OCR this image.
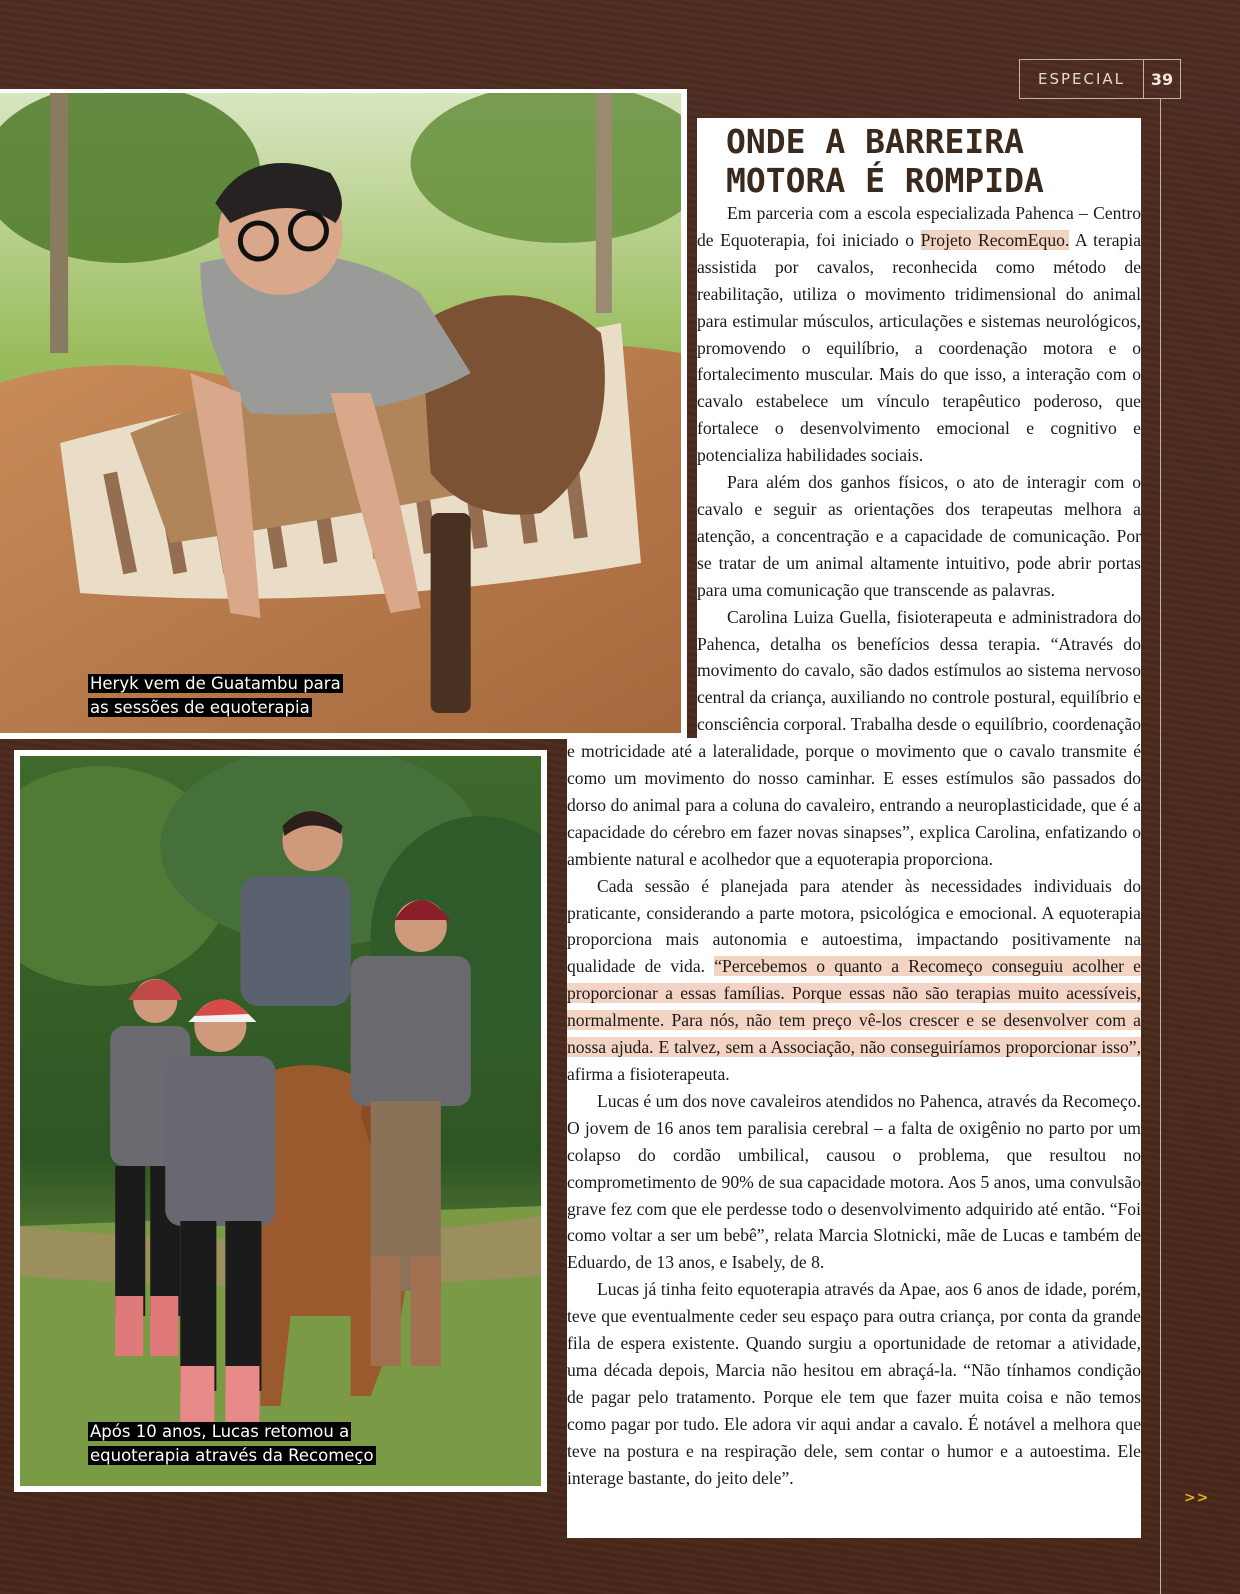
ESPECIAL	39
Heryk vem de Guatambu para
as sessões de equoterapia
Após 10 anos, Lucas retomou a
equoterapia através da Recomeço
ONDE A BARREIRA MOTORA É ROMPIDA

Em parceria com a escola especializada Pahenca – Centro de Equoterapia, foi iniciado o Projeto RecomEquo. A terapia assistida por cavalos, reconhecida como método de reabilitação, utiliza o movimento tridimensional do animal para estimular músculos, articulações e sistemas neurológicos, promovendo o equilíbrio, a coordenação motora e o fortalecimento muscular. Mais do que isso, a interação com o cavalo estabelece um vínculo terapêutico poderoso, que fortalece o desenvolvimento emocional e cognitivo e potencializa habilidades sociais.

Para além dos ganhos físicos, o ato de interagir com o cavalo e seguir as orientações dos terapeutas melhora a atenção, a concentração e a capacidade de comunicação. Por se tratar de um animal altamente intuitivo, pode abrir portas para uma comunicação que transcende as palavras.

Carolina Luiza Guella, fisioterapeuta e administradora do Pahenca, detalha os benefícios dessa terapia. “Através do movimento do cavalo, são dados estímulos ao sistema nervoso central da criança, auxiliando no controle postural, equilíbrio e consciência corporal. Trabalha desde o equilíbrio, coordenação e motricidade até a lateralidade, porque o movimento que o cavalo transmite é como um movimento do nosso caminhar. E esses estímulos são passados do dorso do animal para a coluna do cavaleiro, entrando a neuroplasticidade, que é a capacidade do cérebro em fazer novas sinapses”, explica Carolina, enfatizando o ambiente natural e acolhedor que a equoterapia proporciona.

Cada sessão é planejada para atender às necessidades individuais do praticante, considerando a parte motora, psicológica e emocional. A equoterapia proporciona mais autonomia e autoestima, impactando positivamente na qualidade de vida. “Percebemos o quanto a Recomeço conseguiu acolher e proporcionar a essas famílias. Porque essas não são terapias muito acessíveis, normalmente. Para nós, não tem preço vê-los crescer e se desenvolver com a nossa ajuda. E talvez, sem a Associação, não conseguiríamos proporcionar isso”, afirma a fisioterapeuta.

Lucas é um dos nove cavaleiros atendidos no Pahenca, através da Recomeço. O jovem de 16 anos tem paralisia cerebral – a falta de oxigênio no parto por um colapso do cordão umbilical, causou o problema, que resultou no comprometimento de 90% de sua capacidade motora. Aos 5 anos, uma convulsão grave fez com que ele perdesse todo o desenvolvimento adquirido até então. “Foi como voltar a ser um bebê”, relata Marcia Slotnicki, mãe de Lucas e também de Eduardo, de 13 anos, e Isabely, de 8.

Lucas já tinha feito equoterapia através da Apae, aos 6 anos de idade, porém, teve que eventualmente ceder seu espaço para outra criança, por conta da grande fila de espera existente. Quando surgiu a oportunidade de retomar a atividade, uma década depois, Marcia não hesitou em abraçá-la. “Não tínhamos condição de pagar pelo tratamento. Porque ele tem que fazer muita coisa e não temos como pagar por tudo. Ele adora vir aqui andar a cavalo. É notável a melhora que teve na postura e na respiração dele, sem contar o humor e a autoestima. Ele interage bastante, do jeito dele”.

>>
